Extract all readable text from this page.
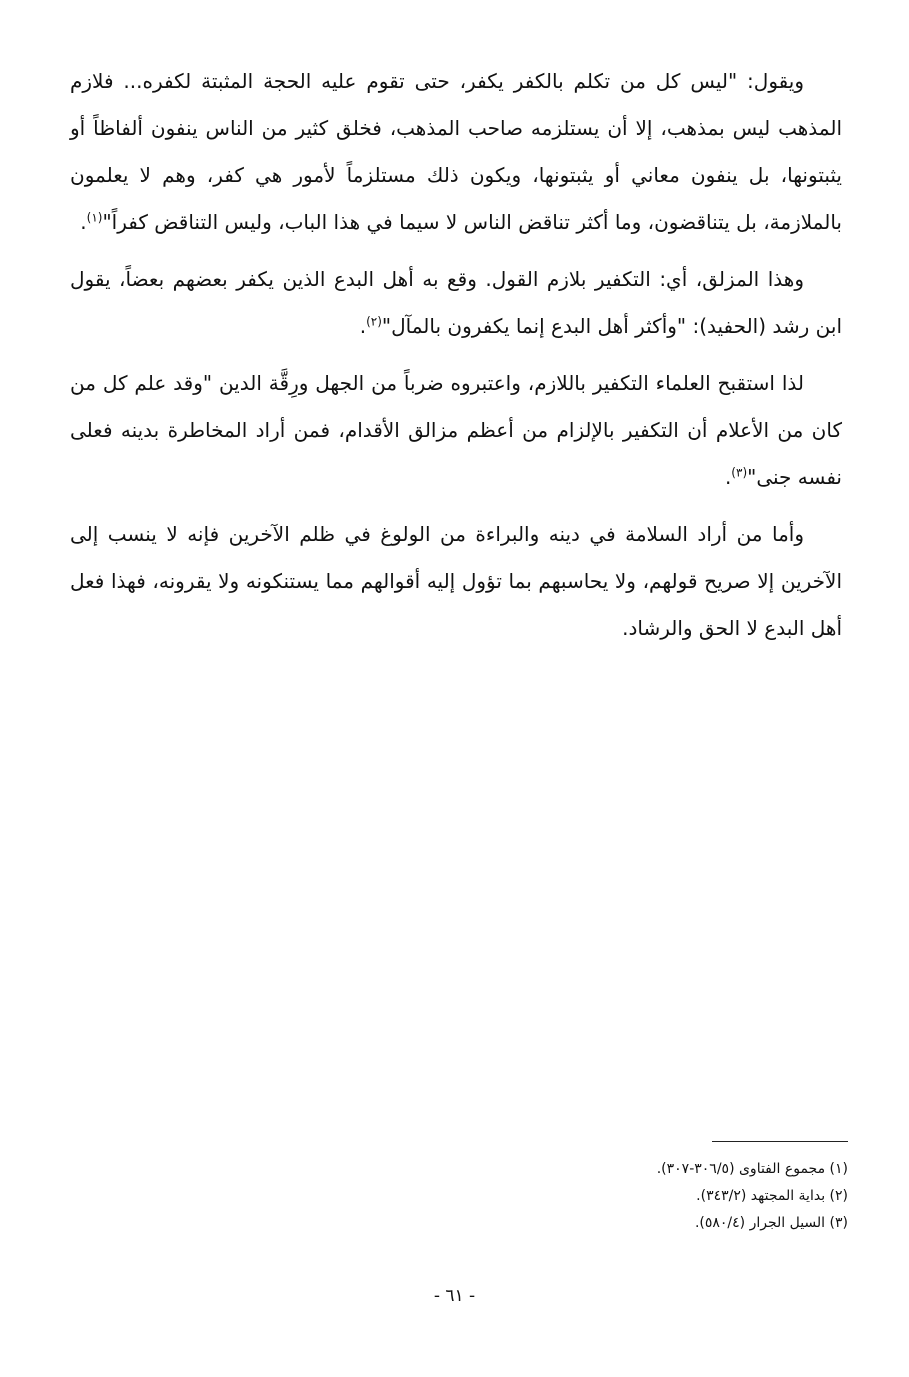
ويقول: "ليس كل من تكلم بالكفر يكفر، حتى تقوم عليه الحجة المثبتة لكفره... فلازم المذهب ليس بمذهب، إلا أن يستلزمه صاحب المذهب، فخلق كثير من الناس ينفون ألفاظاً أو يثبتونها، بل ينفون معاني أو يثبتونها، ويكون ذلك مستلزماً لأمور هي كفر، وهم لا يعلمون بالملازمة، بل يتناقضون، وما أكثر تناقض الناس لا سيما في هذا الباب، وليس التناقض كفراً"$^{(١)}$.

وهذا المزلق، أي: التكفير بلازم القول. وقع به أهل البدع الذين يكفر بعضهم بعضاً، يقول ابن رشد (الحفيد): "وأكثر أهل البدع إنما يكفرون بالمآل"$^{(٢)}$.

لذا استقبح العلماء التكفير باللازم، واعتبروه ضرباً من الجهل ورِقَّة الدين "وقد علم كل من كان من الأعلام أن التكفير بالإلزام من أعظم مزالق الأقدام، فمن أراد المخاطرة بدينه فعلى نفسه جنى"$^{(٣)}$.

وأما من أراد السلامة في دينه والبراءة من الولوغ في ظلم الآخرين فإنه لا ينسب إلى الآخرين إلا صريح قولهم، ولا يحاسبهم بما تؤول إليه أقوالهم مما يستنكونه ولا يقرونه، فهذا فعل أهل البدع لا الحق والرشاد.

(١) مجموع الفتاوى (٣٠٦/٥-٣٠٧).

(٢) بداية المجتهد (٣٤٣/٢).

(٣) السيل الجرار (٥٨٠/٤).

- ٦١ -
